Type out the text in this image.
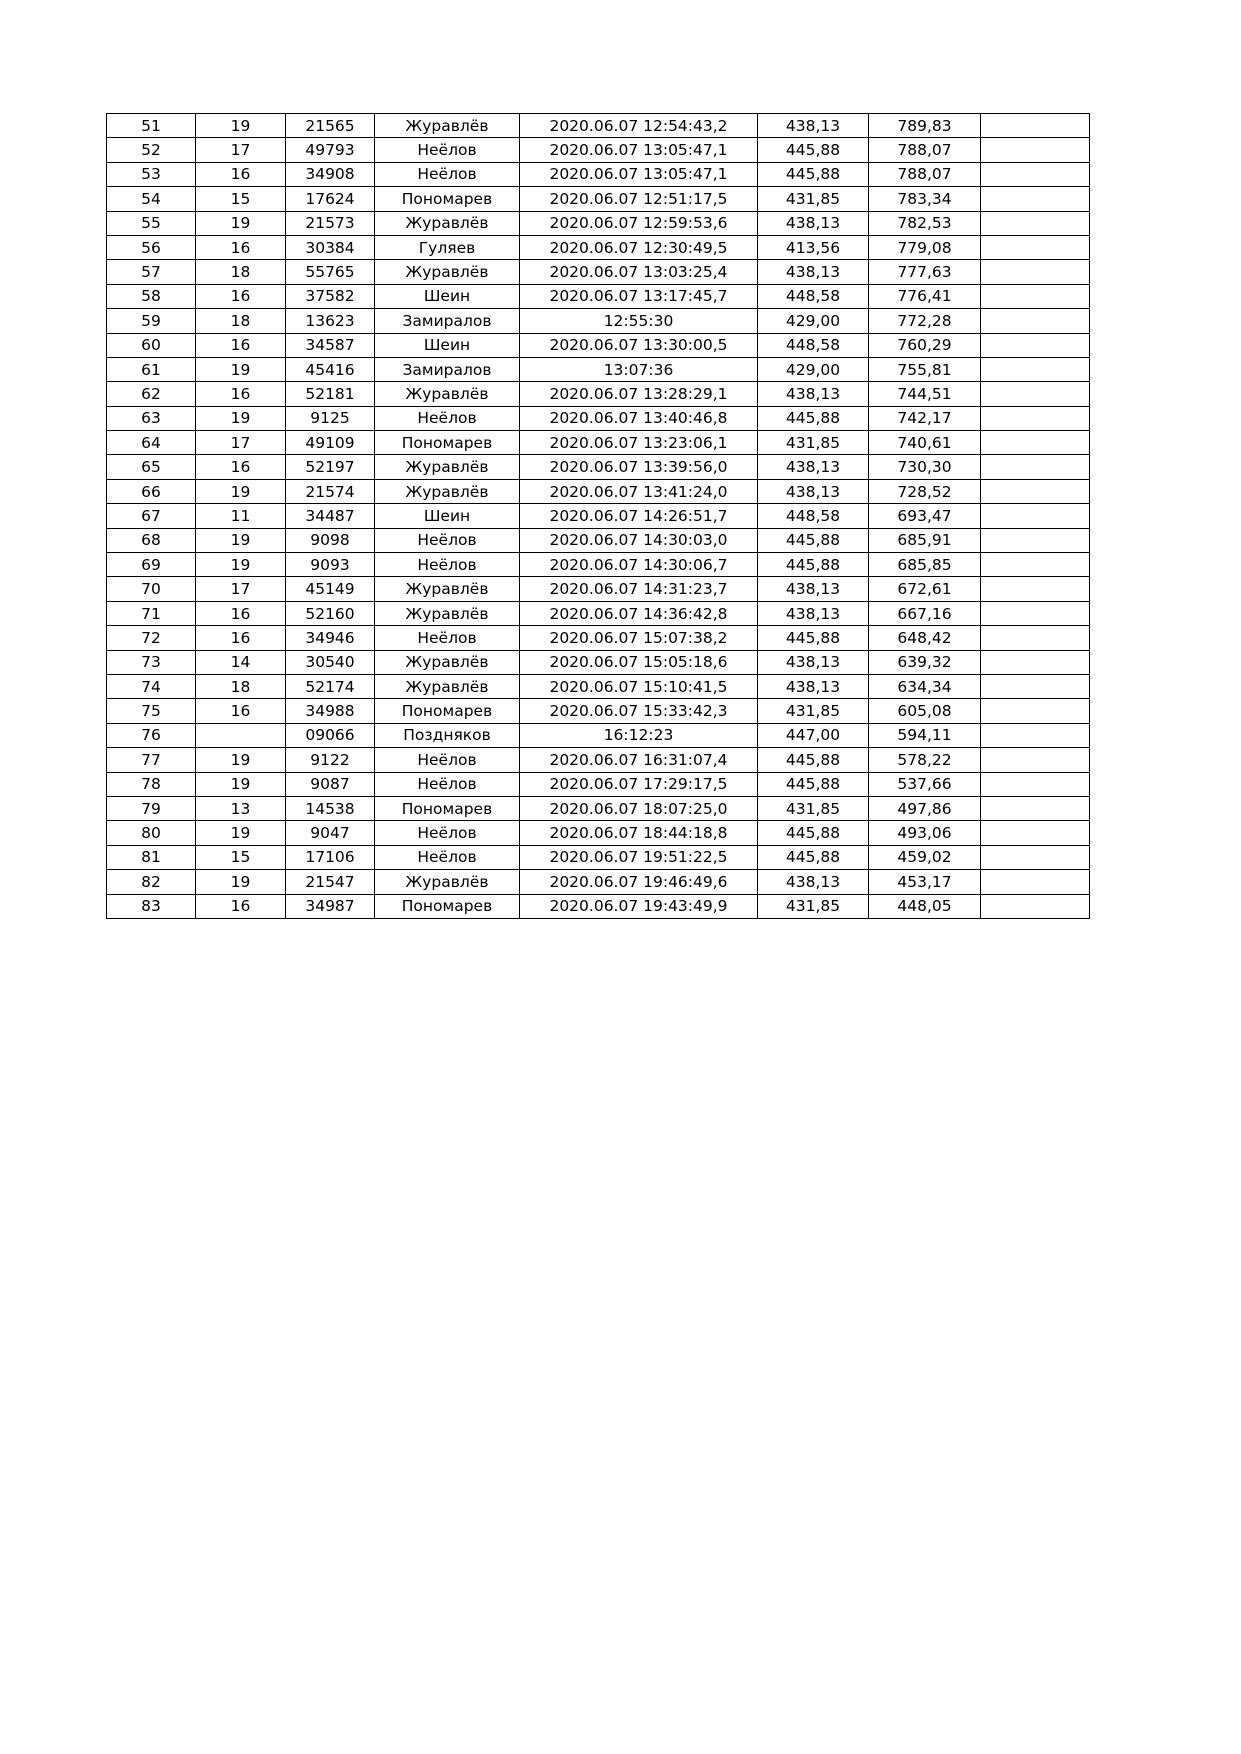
51	19	21565	Журавлёв	2020.06.07 12:54:43,2	438,13	789,83	
52	17	49793	Неёлов	2020.06.07 13:05:47,1	445,88	788,07	
53	16	34908	Неёлов	2020.06.07 13:05:47,1	445,88	788,07	
54	15	17624	Пономарев	2020.06.07 12:51:17,5	431,85	783,34	
55	19	21573	Журавлёв	2020.06.07 12:59:53,6	438,13	782,53	
56	16	30384	Гуляев	2020.06.07 12:30:49,5	413,56	779,08	
57	18	55765	Журавлёв	2020.06.07 13:03:25,4	438,13	777,63	
58	16	37582	Шеин	2020.06.07 13:17:45,7	448,58	776,41	
59	18	13623	Замиралов	12:55:30	429,00	772,28	
60	16	34587	Шеин	2020.06.07 13:30:00,5	448,58	760,29	
61	19	45416	Замиралов	13:07:36	429,00	755,81	
62	16	52181	Журавлёв	2020.06.07 13:28:29,1	438,13	744,51	
63	19	9125	Неёлов	2020.06.07 13:40:46,8	445,88	742,17	
64	17	49109	Пономарев	2020.06.07 13:23:06,1	431,85	740,61	
65	16	52197	Журавлёв	2020.06.07 13:39:56,0	438,13	730,30	
66	19	21574	Журавлёв	2020.06.07 13:41:24,0	438,13	728,52	
67	11	34487	Шеин	2020.06.07 14:26:51,7	448,58	693,47	
68	19	9098	Неёлов	2020.06.07 14:30:03,0	445,88	685,91	
69	19	9093	Неёлов	2020.06.07 14:30:06,7	445,88	685,85	
70	17	45149	Журавлёв	2020.06.07 14:31:23,7	438,13	672,61	
71	16	52160	Журавлёв	2020.06.07 14:36:42,8	438,13	667,16	
72	16	34946	Неёлов	2020.06.07 15:07:38,2	445,88	648,42	
73	14	30540	Журавлёв	2020.06.07 15:05:18,6	438,13	639,32	
74	18	52174	Журавлёв	2020.06.07 15:10:41,5	438,13	634,34	
75	16	34988	Пономарев	2020.06.07 15:33:42,3	431,85	605,08	
76		09066	Поздняков	16:12:23	447,00	594,11	
77	19	9122	Неёлов	2020.06.07 16:31:07,4	445,88	578,22	
78	19	9087	Неёлов	2020.06.07 17:29:17,5	445,88	537,66	
79	13	14538	Пономарев	2020.06.07 18:07:25,0	431,85	497,86	
80	19	9047	Неёлов	2020.06.07 18:44:18,8	445,88	493,06	
81	15	17106	Неёлов	2020.06.07 19:51:22,5	445,88	459,02	
82	19	21547	Журавлёв	2020.06.07 19:46:49,6	438,13	453,17	
83	16	34987	Пономарев	2020.06.07 19:43:49,9	431,85	448,05	
